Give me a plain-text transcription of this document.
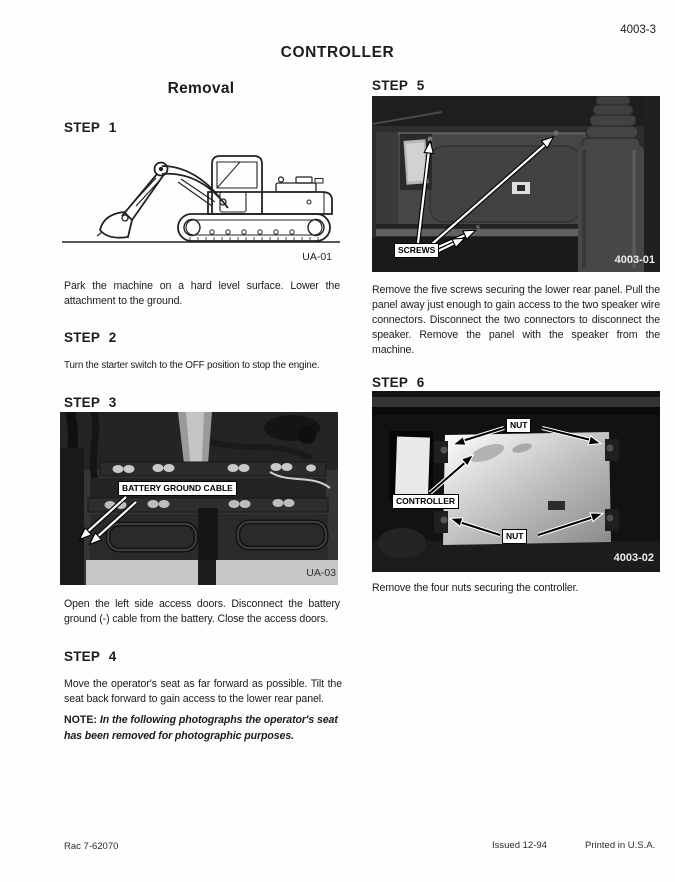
4003-3
CONTROLLER
Removal
STEP 1
UA-01
Park the machine on a hard level surface. Lower the attachment to the ground.
STEP 2
Turn the starter switch to the OFF position to stop the engine.
STEP 3
BATTERY GROUND CABLE
UA-03
Open the left side access doors. Disconnect the battery ground (-) cable from the battery. Close the access doors.
STEP 4
Move the operator's seat as far forward as possible. Tilt the seat back forward to gain access to the lower rear panel.
NOTE: In the following photographs the operator's seat has been removed for photographic purposes.
STEP 5
SCREWS
4003-01
Remove the five screws securing the lower rear panel. Pull the panel away just enough to gain access to the two speaker wire connectors. Disconnect the two connectors to disconnect the speaker. Remove the panel with the speaker from the machine.
STEP 6
NUT
CONTROLLER
NUT
4003-02
Remove the four nuts securing the controller.
Rac 7-62070	Issued 12-94	Printed in U.S.A.
